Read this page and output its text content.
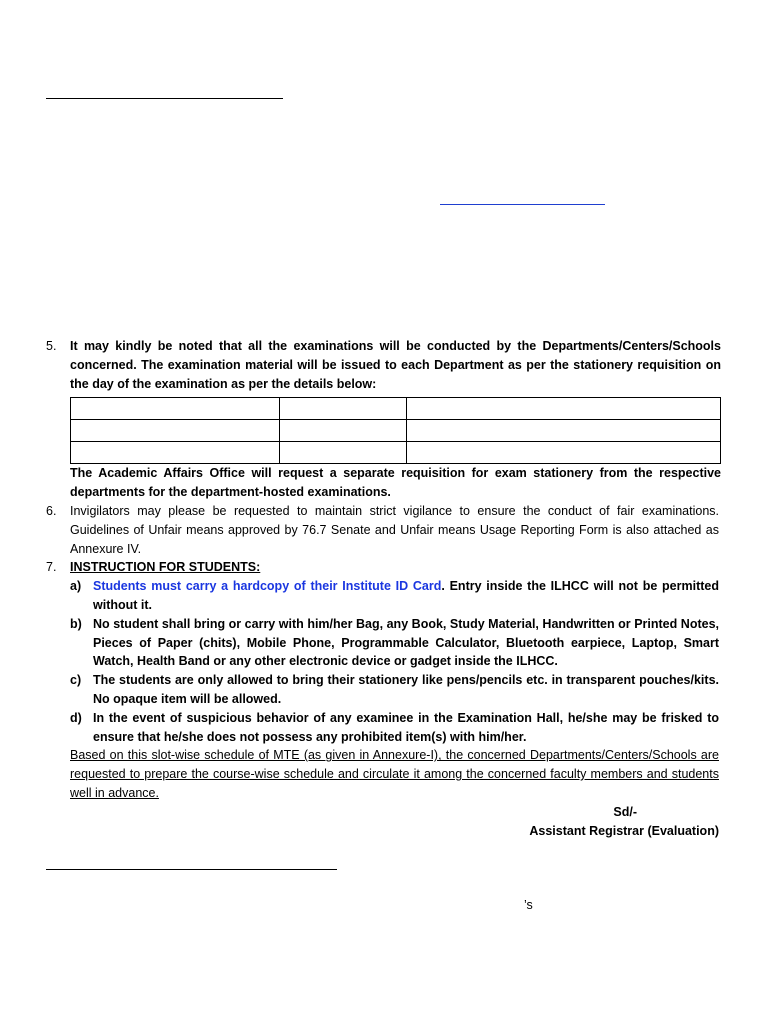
5.	It may kindly be noted that all the examinations will be conducted by the Departments/Centers/Schools concerned. The examination material will be issued to each Department as per the stationery requisition on the day of the examination as per the details below:

The Academic Affairs Office will request a separate requisition for exam stationery from the respective departments for the department-hosted examinations.
6.	Invigilators may please be requested to maintain strict vigilance to ensure the conduct of fair examinations. Guidelines of Unfair means approved by 76.7 Senate and Unfair means Usage Reporting Form is also attached as Annexure IV.
7.	INSTRUCTION FOR STUDENTS:
a) Students must carry a hardcopy of their Institute ID Card. Entry inside the ILHCC will not be permitted without it.
b) No student shall bring or carry with him/her Bag, any Book, Study Material, Handwritten or Printed Notes, Pieces of Paper (chits), Mobile Phone, Programmable Calculator, Bluetooth earpiece, Laptop, Smart Watch, Health Band or any other electronic device or gadget inside the ILHCC.
c) The students are only allowed to bring their stationery like pens/pencils etc. in transparent pouches/kits. No opaque item will be allowed.
d) In the event of suspicious behavior of any examinee in the Examination Hall, he/she may be frisked to ensure that he/she does not possess any prohibited item(s) with him/her.
Based on this slot-wise schedule of MTE (as given in Annexure-I), the concerned Departments/Centers/Schools are requested to prepare the course-wise schedule and circulate it among the concerned faculty members and students well in advance.
Sd/-
Assistant Registrar (Evaluation)
’s
